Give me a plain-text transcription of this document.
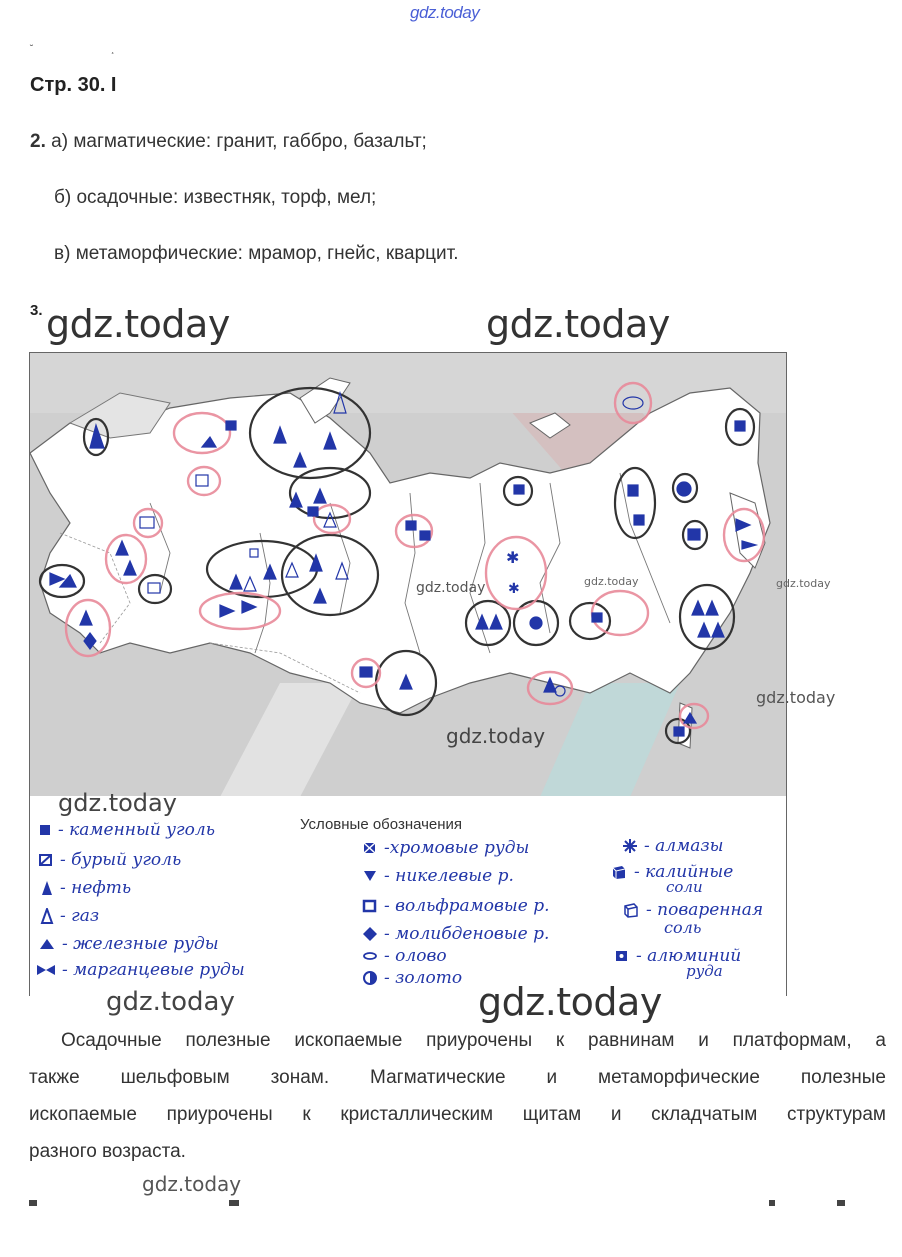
gdz.today
˘                            ¸
Стр. 30. I
2. а) магматические: гранит, габбро, базальт;
б) осадочные: известняк, торф, мел;
в) метаморфические: мрамор, гнейс, кварцит.
3. gdz.today	gdz.today
✱
✱
gdz.today	gdz.today	gdz.today
gdz.today
gdz.today
Условные обозначения
- каменный уголь
- бурый уголь
- нефть
- газ
- железные руды
- марганцевые руды
-хромовые руды
- никелевые р.
- вольфрамовые р.
- молибденовые р.
- олово
- золото
- алмазы
- калийные
соли
- поваренная
соль
- алюминий
руда
gdz.today
gdz.today	gdz.today
Осадочные полезные ископаемые приурочены к равнинам и платформам, а
также шельфовым зонам. Магматические и метаморфические полезные
ископаемые приурочены к кристаллическим щитам и складчатым структурам
разного возраста.
gdz.today
